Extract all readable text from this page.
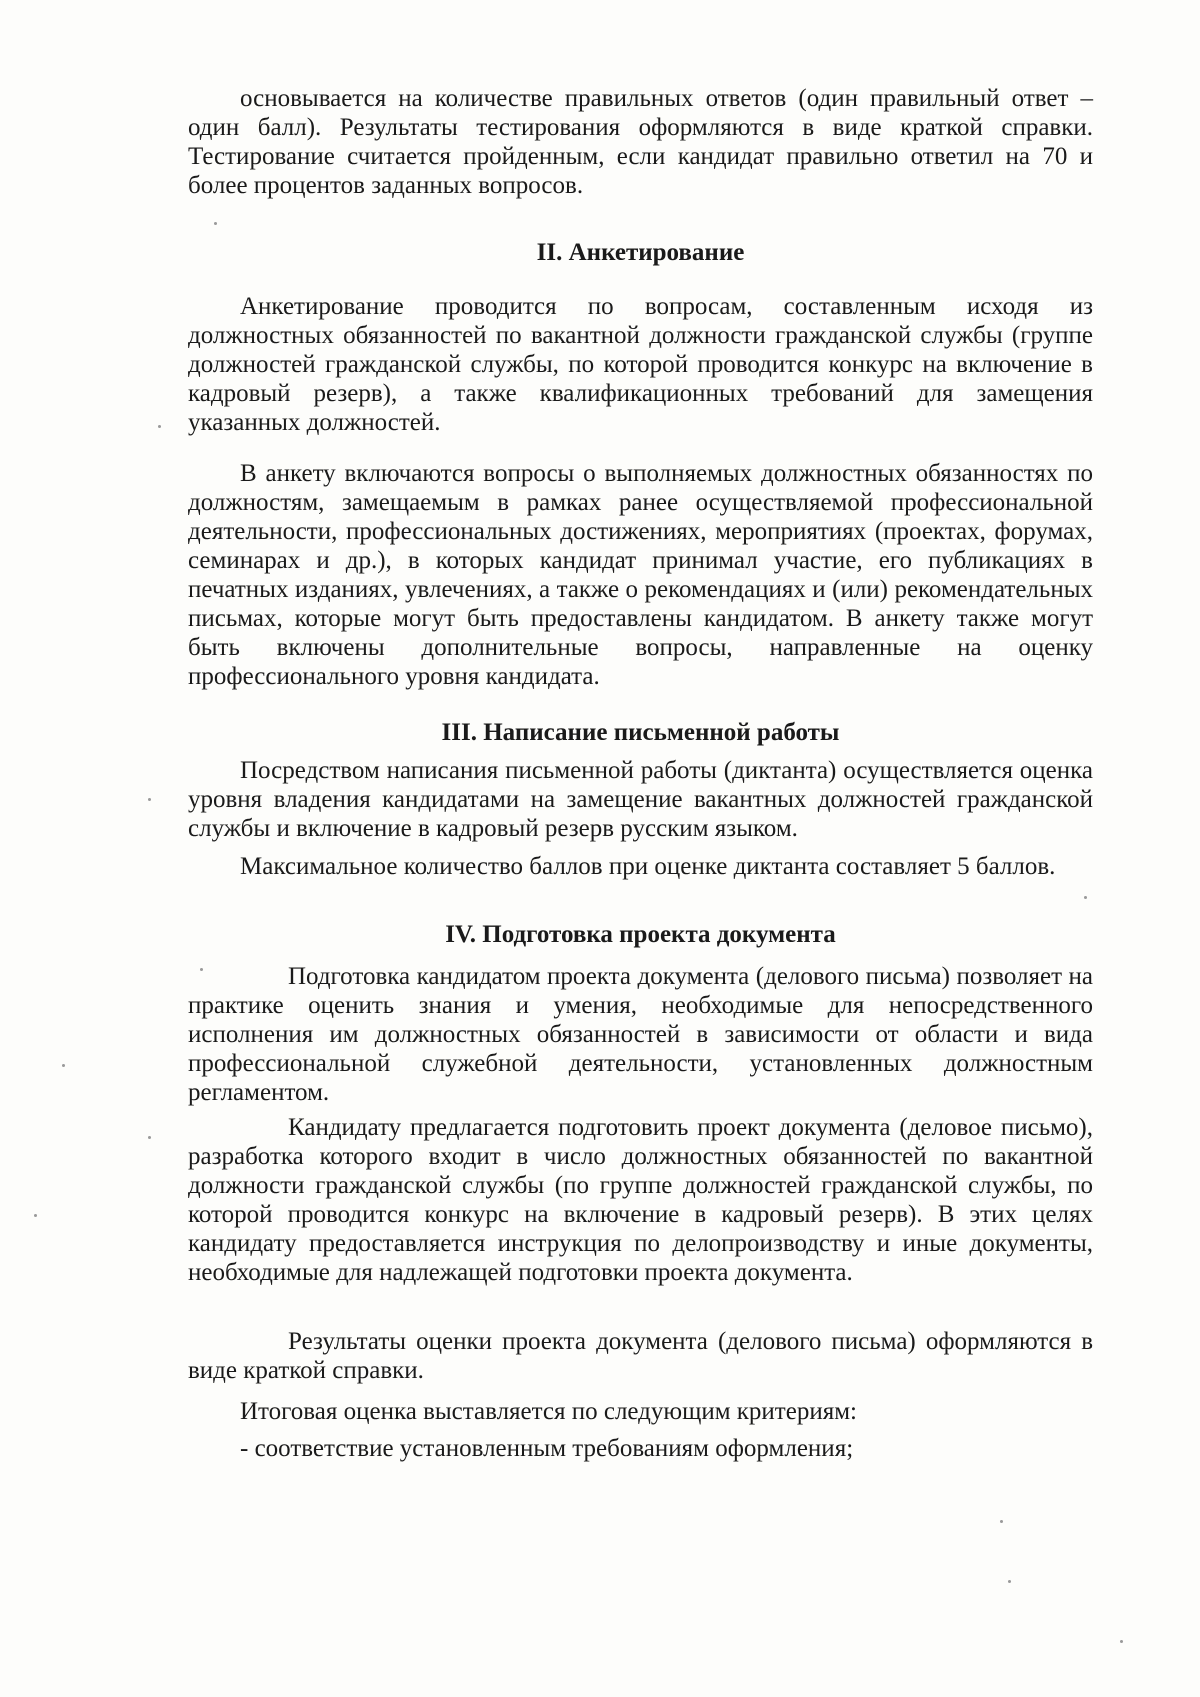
основывается на количестве правильных ответов (один правильный ответ – один балл). Результаты тестирования оформляются в виде краткой справки. Тестирование считается пройденным, если кандидат правильно ответил на 70 и более процентов заданных вопросов.

II. Анкетирование

Анкетирование проводится по вопросам, составленным исходя из должностных обязанностей по вакантной должности гражданской службы (группе должностей гражданской службы, по которой проводится конкурс на включение в кадровый резерв), а также квалификационных требований для замещения указанных должностей.

В анкету включаются вопросы о выполняемых должностных обязанностях по должностям, замещаемым в рамках ранее осуществляемой профессиональной деятельности, профессиональных достижениях, мероприятиях (проектах, форумах, семинарах и др.), в которых кандидат принимал участие, его публикациях в печатных изданиях, увлечениях, а также о рекомендациях и (или) рекомендательных письмах, которые могут быть предоставлены кандидатом. В анкету также могут быть включены дополнительные вопросы, направленные на оценку профессионального уровня кандидата.

III. Написание письменной работы

Посредством написания письменной работы (диктанта) осуществляется оценка уровня владения кандидатами на замещение вакантных должностей гражданской службы и включение в кадровый резерв русским языком.

Максимальное количество баллов при оценке диктанта составляет 5 баллов.

IV. Подготовка проекта документа

Подготовка кандидатом проекта документа (делового письма) позволяет на практике оценить знания и умения, необходимые для непосредственного исполнения им должностных обязанностей в зависимости от области и вида профессиональной служебной деятельности, установленных должностным регламентом.

Кандидату предлагается подготовить проект документа (деловое письмо), разработка которого входит в число должностных обязанностей по вакантной должности гражданской службы (по группе должностей гражданской службы, по которой проводится конкурс на включение в кадровый резерв). В этих целях кандидату предоставляется инструкция по делопроизводству и иные документы, необходимые для надлежащей подготовки проекта документа.

Результаты оценки проекта документа (делового письма) оформляются в виде краткой справки.

Итоговая оценка выставляется по следующим критериям:

- соответствие установленным требованиям оформления;
